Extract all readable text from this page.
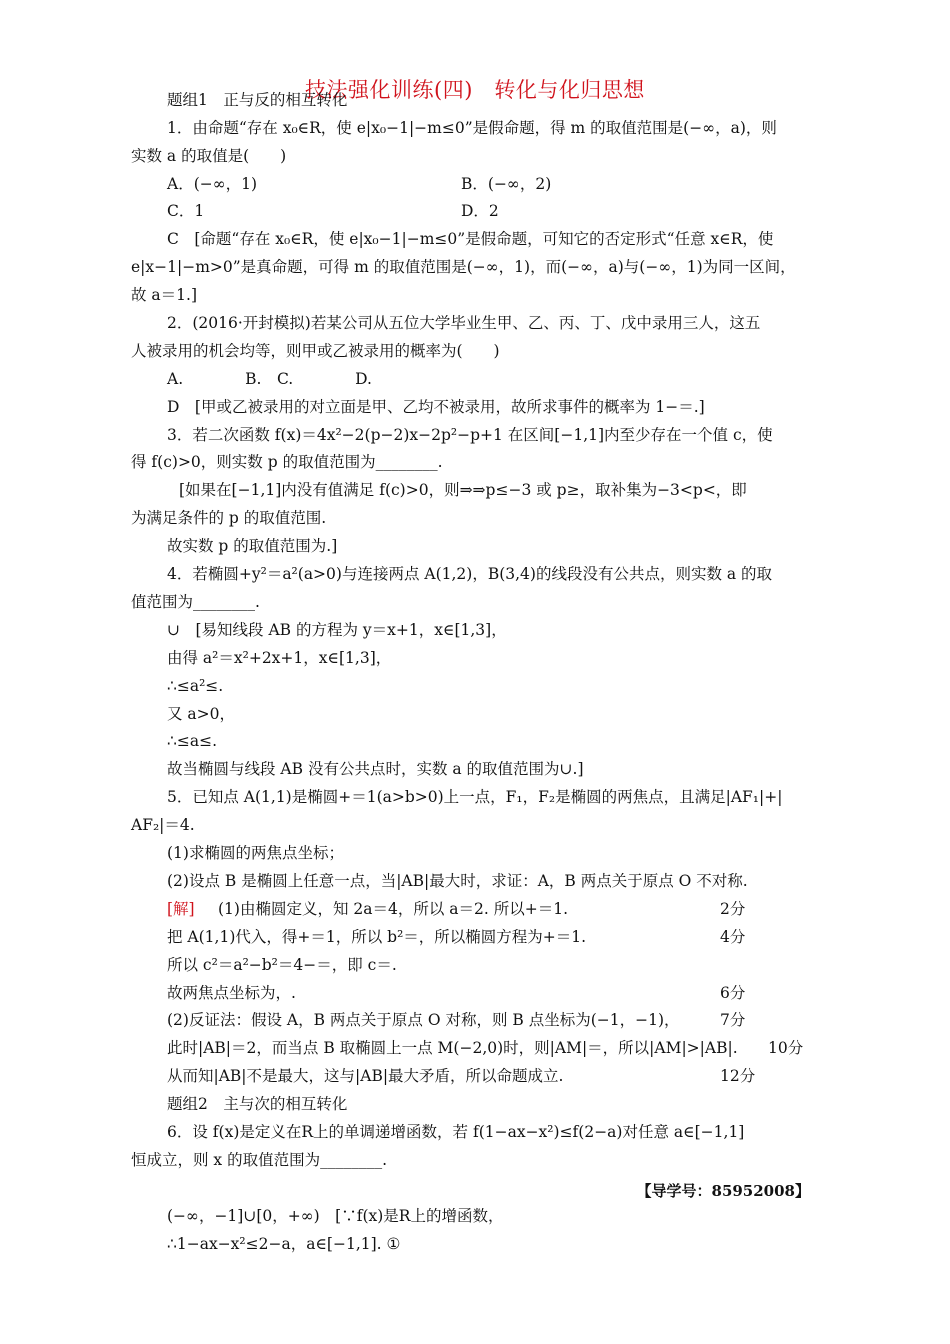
技法强化训练(四)　转化与化归思想
题组1　正与反的相互转化
1．由命题“存在 x₀∈R，使 e|x₀−1|−m≤0”是假命题，得 m 的取值范围是(−∞，a)，则
实数 a 的取值是(　　)
A．(−∞，1)	B．(−∞，2)
C．1	D．2
C　[命题“存在 x₀∈R，使 e|x₀−1|−m≤0”是假命题，可知它的否定形式“任意 x∈R，使
e|x−1|−m>0”是真命题，可得 m 的取值范围是(−∞，1)，而(−∞，a)与(−∞，1)为同一区间，
故 a＝1.]
2．(2016·开封模拟)若某公司从五位大学毕业生甲、乙、丙、丁、戊中录用三人，这五
人被录用的机会均等，则甲或乙被录用的概率为(　　)
A.　　　　B.　C.　　　　D.
D　[甲或乙被录用的对立面是甲、乙均不被录用，故所求事件的概率为 1−＝.]
3．若二次函数 f(x)＝4x²−2(p−2)x−2p²−p+1 在区间[−1,1]内至少存在一个值 c，使
得 f(c)>0，则实数 p 的取值范围为________.
[如果在[−1,1]内没有值满足 f(c)>0，则⇒⇒p≤−3 或 p≥，取补集为−3<p<，即
为满足条件的 p 的取值范围.
故实数 p 的取值范围为.]
4．若椭圆+y²＝a²(a>0)与连接两点 A(1,2)，B(3,4)的线段没有公共点，则实数 a 的取
值范围为________.
∪　[易知线段 AB 的方程为 y＝x+1，x∈[1,3]，
由得 a²＝x²+2x+1，x∈[1,3]，
∴≤a²≤.
又 a>0，
∴≤a≤.
故当椭圆与线段 AB 没有公共点时，实数 a 的取值范围为∪.]
5．已知点 A(1,1)是椭圆+＝1(a>b>0)上一点，F₁，F₂是椭圆的两焦点，且满足|AF₁|+|
AF₂|＝4.
(1)求椭圆的两焦点坐标；
(2)设点 B 是椭圆上任意一点，当|AB|最大时，求证：A，B 两点关于原点 O 不对称.
(1)由椭圆定义，知 2a＝4，所以 a＝2. 所以+＝1.
把 A(1,1)代入，得+＝1，所以 b²＝，所以椭圆方程为+＝1.
所以 c²＝a²−b²＝4−＝，即 c＝.
故两焦点坐标为，.
(2)反证法：假设 A，B 两点关于原点 O 对称，则 B 点坐标为(−1，−1)，
此时|AB|＝2，而当点 B 取椭圆上一点 M(−2,0)时，则|AM|＝，所以|AM|>|AB|.
从而知|AB|不是最大，这与|AB|最大矛盾，所以命题成立.
题组2　主与次的相互转化
6．设 f(x)是定义在R上的单调递增函数，若 f(1−ax−x²)≤f(2−a)对任意 a∈[−1,1]
恒成立，则 x 的取值范围为________.
(−∞，−1]∪[0，+∞)　[∵f(x)是R上的增函数，
∴1−ax−x²≤2−a，a∈[−1,1]. ①
2分
4分
6分
7分
10分
12分
[解]
【导学号：85952008】
